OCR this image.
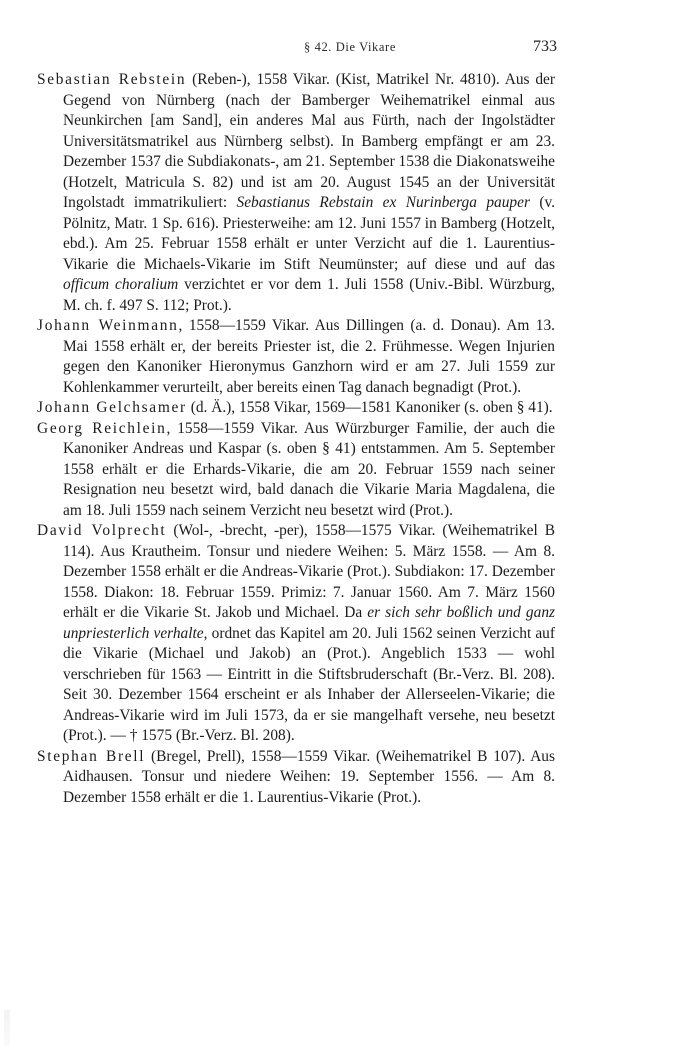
§ 42. Die Vikare	733

Sebastian Rebstein (Reben-), 1558 Vikar. (Kist, Matrikel Nr. 4810). Aus der Gegend von Nürnberg (nach der Bamberger Weihematrikel einmal aus Neunkirchen [am Sand], ein anderes Mal aus Fürth, nach der Ingolstädter Universitätsmatrikel aus Nürnberg selbst). In Bamberg empfängt er am 23. Dezember 1537 die Subdiakonats-, am 21. September 1538 die Diakonatsweihe (Hotzelt, Matricula S. 82) und ist am 20. August 1545 an der Universität Ingolstadt immatrikuliert: Sebastianus Rebstain ex Nurinberga pauper (v. Pölnitz, Matr. 1 Sp. 616). Priesterweihe: am 12. Juni 1557 in Bamberg (Hotzelt, ebd.). Am 25. Februar 1558 erhält er unter Verzicht auf die 1. Laurentius-Vikarie die Michaels-Vikarie im Stift Neumünster; auf diese und auf das officum choralium verzichtet er vor dem 1. Juli 1558 (Univ.-Bibl. Würzburg, M. ch. f. 497 S. 112; Prot.).

Johann Weinmann, 1558—1559 Vikar. Aus Dillingen (a. d. Donau). Am 13. Mai 1558 erhält er, der bereits Priester ist, die 2. Frühmesse. Wegen Injurien gegen den Kanoniker Hieronymus Ganzhorn wird er am 27. Juli 1559 zur Kohlenkammer verurteilt, aber bereits einen Tag danach begnadigt (Prot.).

Johann Gelchsamer (d. Ä.), 1558 Vikar, 1569—1581 Kanoniker (s. oben § 41).

Georg Reichlein, 1558—1559 Vikar. Aus Würzburger Familie, der auch die Kanoniker Andreas und Kaspar (s. oben § 41) entstammen. Am 5. September 1558 erhält er die Erhards-Vikarie, die am 20. Februar 1559 nach seiner Resignation neu besetzt wird, bald danach die Vikarie Maria Magdalena, die am 18. Juli 1559 nach seinem Verzicht neu besetzt wird (Prot.).

David Volprecht (Wol-, -brecht, -per), 1558—1575 Vikar. (Weihematrikel B 114). Aus Krautheim. Tonsur und niedere Weihen: 5. März 1558. — Am 8. Dezember 1558 erhält er die Andreas-Vikarie (Prot.). Subdiakon: 17. Dezember 1558. Diakon: 18. Februar 1559. Primiz: 7. Januar 1560. Am 7. März 1560 erhält er die Vikarie St. Jakob und Michael. Da er sich sehr boßlich und ganz unpriesterlich verhalte, ordnet das Kapitel am 20. Juli 1562 seinen Verzicht auf die Vikarie (Michael und Jakob) an (Prot.). Angeblich 1533 — wohl verschrieben für 1563 — Eintritt in die Stiftsbruderschaft (Br.-Verz. Bl. 208). Seit 30. Dezember 1564 erscheint er als Inhaber der Allerseelen-Vikarie; die Andreas-Vikarie wird im Juli 1573, da er sie mangelhaft versehe, neu besetzt (Prot.). — † 1575 (Br.-Verz. Bl. 208).

Stephan Brell (Bregel, Prell), 1558—1559 Vikar. (Weihematrikel B 107). Aus Aidhausen. Tonsur und niedere Weihen: 19. September 1556. — Am 8. Dezember 1558 erhält er die 1. Laurentius-Vikarie (Prot.).
